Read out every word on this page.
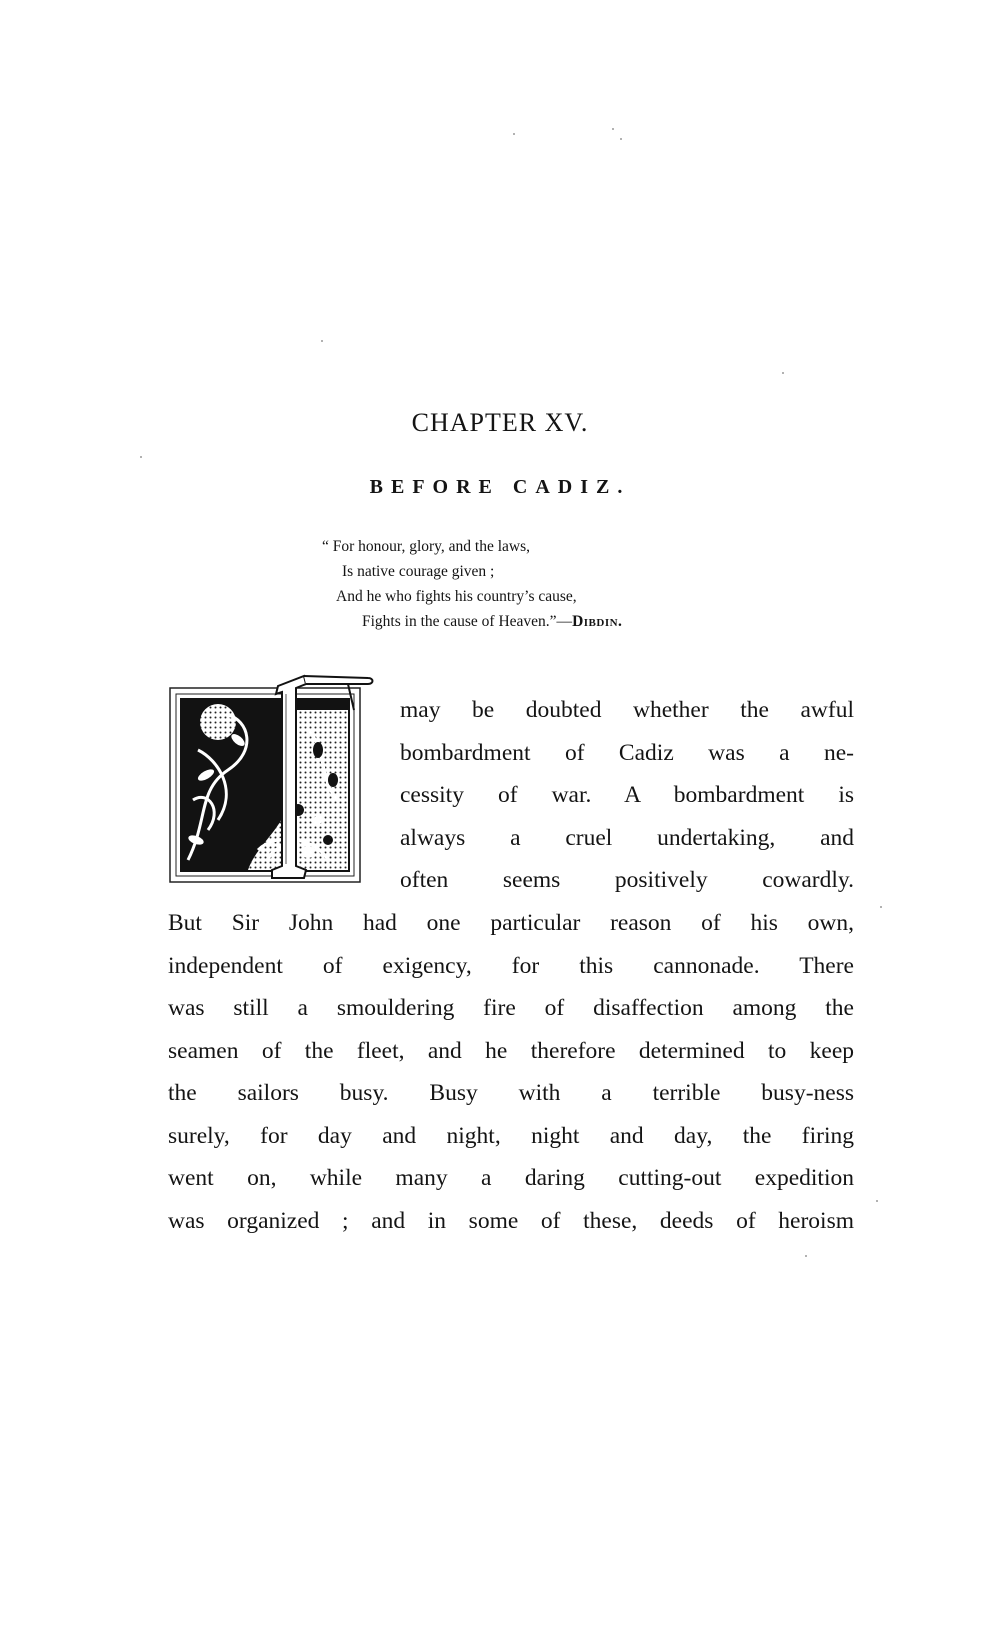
CHAPTER XV.
BEFORE CADIZ.
“ For honour, glory, and the laws,
Is native courage given ;
And he who fights his country’s cause,
Fights in the cause of Heaven.”—Dibdin.
may be doubted whether the awful
bombardment of Cadiz was a ne-
cessity of war. A bombardment is
always a cruel undertaking, and
often seems positively cowardly.
But Sir John had one particular reason of his own,
independent of exigency, for this cannonade. There
was still a smouldering fire of disaffection among the
seamen of the fleet, and he therefore determined to keep
the sailors busy. Busy with a terrible busy-ness
surely, for day and night, night and day, the firing
went on, while many a daring cutting-out expedition
was organized ; and in some of these, deeds of heroism
